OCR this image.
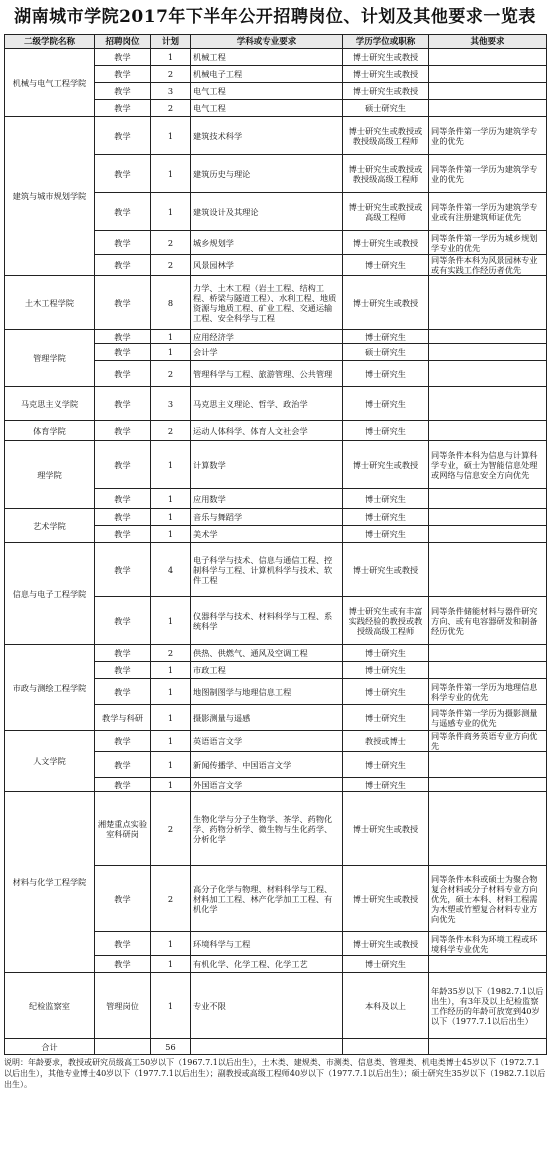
湖南城市学院2017年下半年公开招聘岗位、计划及其他要求一览表
二级学院名称	招聘岗位	计划	学科或专业要求	学历学位或职称	其他要求
机械与电气工程学院	教学	1	机械工程	博士研究生或教授	
	教学	2	机械电子工程	博士研究生或教授	
	教学	3	电气工程	博士研究生或教授	
	教学	2	电气工程	硕士研究生	
建筑与城市规划学院	教学	1	建筑技术科学	博士研究生或教授或教授级高级工程师	同等条件第一学历为建筑学专业的优先
	教学	1	建筑历史与理论	博士研究生或教授或教授级高级工程师	同等条件第一学历为建筑学专业的优先
	教学	1	建筑设计及其理论	博士研究生或教授或高级工程师	同等条件第一学历为建筑学专业或有注册建筑师证优先
	教学	2	城乡规划学	博士研究生或教授	同等条件第一学历为城乡规划学专业的优先
	教学	2	风景园林学	博士研究生	同等条件本科为风景园林专业或有实践工作经历者优先
土木工程学院	教学	8	力学、土木工程（岩土工程、结构工程、桥梁与隧道工程）、水利工程、地质资源与地质工程、矿业工程、交通运输工程、安全科学与工程	博士研究生或教授	
管理学院	教学	1	应用经济学	博士研究生	
	教学	1	会计学	硕士研究生	
	教学	2	管理科学与工程、旅游管理、公共管理	博士研究生	
马克思主义学院	教学	3	马克思主义理论、哲学、政治学	博士研究生	
体育学院	教学	2	运动人体科学、体育人文社会学	博士研究生	
理学院	教学	1	计算数学	博士研究生或教授	同等条件本科为信息与计算科学专业，硕士为智能信息处理或网络与信息安全方向优先
	教学	1	应用数学	博士研究生	
艺术学院	教学	1	音乐与舞蹈学	博士研究生	
	教学	1	美术学	博士研究生	
信息与电子工程学院	教学	4	电子科学与技术、信息与通信工程、控制科学与工程、计算机科学与技术、软件工程	博士研究生或教授	
	教学	1	仪器科学与技术、材料科学与工程、系统科学	博士研究生或有丰富实践经验的教授或教授级高级工程师	同等条件储能材料与器件研究方向、或有电容器研发和制备经历优先
市政与测绘工程学院	教学	2	供热、供燃气、通风及空调工程	博士研究生	
	教学	1	市政工程	博士研究生	
	教学	1	地图制图学与地理信息工程	博士研究生	同等条件第一学历为地理信息科学专业的优先
	教学与科研	1	摄影测量与遥感	博士研究生	同等条件第一学历为摄影测量与遥感专业的优先
人文学院	教学	1	英语语言文学	教授或博士	同等条件商务英语专业方向优先
	教学	1	新闻传播学、中国语言文学	博士研究生	
	教学	1	外国语言文学	博士研究生	
材料与化学工程学院	湘楚重点实验室科研岗	2	生物化学与分子生物学、茶学、药物化学、药物分析学、微生物与生化药学、分析化学	博士研究生或教授	
	教学	2	高分子化学与物理、材料科学与工程、材料加工工程、林产化学加工工程、有机化学	博士研究生或教授	同等条件本科或硕士为聚合物复合材料或分子材料专业方向优先，硕士本科、材料工程需为木塑或竹塑复合材料专业方向优先
	教学	1	环境科学与工程	博士研究生或教授	同等条件本科为环境工程或环境科学专业优先
	教学	1	有机化学、化学工程、化学工艺	博士研究生	
纪检监察室	管理岗位	1	专业不限	本科及以上	年龄35岁以下（1982.7.1以后出生），有3年及以上纪检监察工作经历的年龄可放宽到40岁以下（1977.7.1以后出生）
合计		56			
说明：年龄要求，教授或研究员级高工50岁以下（1967.7.1以后出生），土木类、建规类、市测类、信息类、管理类、机电类博士45岁以下（1972.7.1以后出生），其他专业博士40岁以下（1977.7.1以后出生）；副教授或高级工程师40岁以下（1977.7.1以后出生）；硕士研究生35岁以下（1982.7.1以后出生）。
